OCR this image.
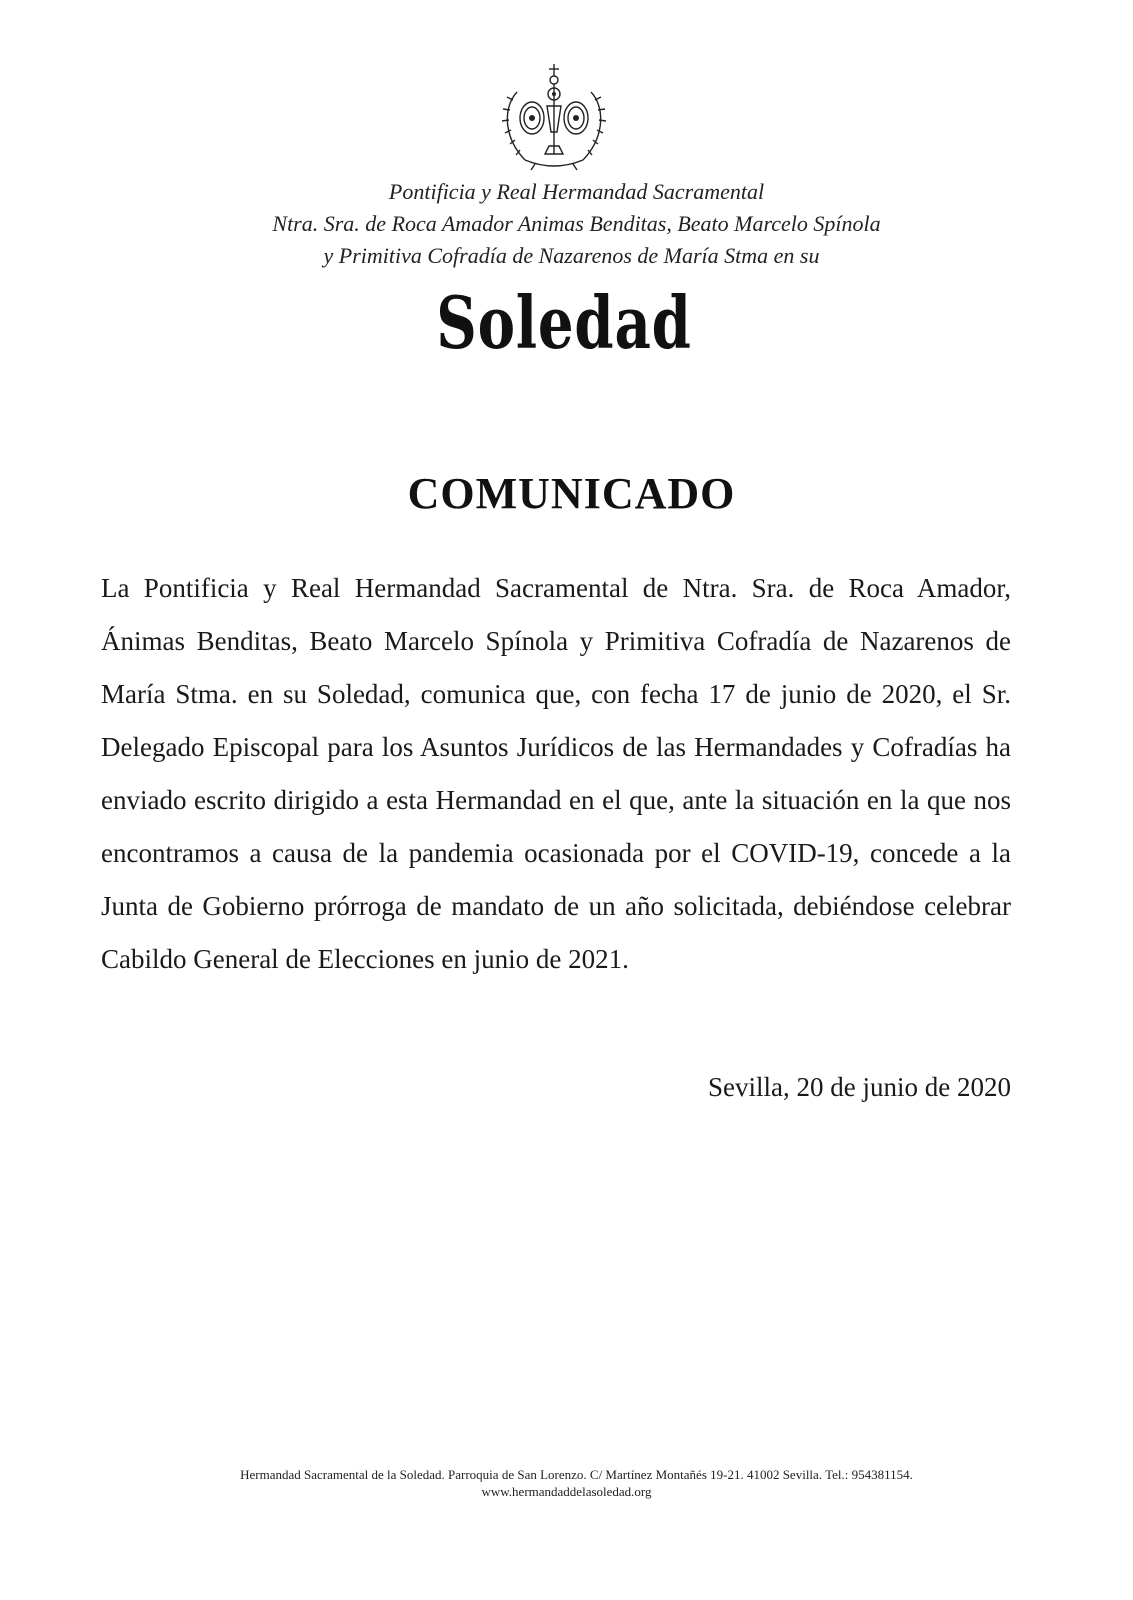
Pontificia y Real Hermandad Sacramental
Ntra. Sra. de Roca Amador Animas Benditas, Beato Marcelo Spínola
y Primitiva Cofradía de Nazarenos de María Stma en su
Soledad
COMUNICADO

La Pontificia y Real Hermandad Sacramental de Ntra. Sra. de Roca Amador, Ánimas Benditas, Beato Marcelo Spínola y Primitiva Cofradía de Nazarenos de María Stma. en su Soledad, comunica que, con fecha 17 de junio de 2020, el Sr. Delegado Episcopal para los Asuntos Jurídicos de las Hermandades y Cofradías ha enviado escrito dirigido a esta Hermandad en el que, ante la situación en la que nos encontramos a causa de la pandemia ocasionada por el COVID-19, concede a la Junta de Gobierno prórroga de mandato de un año solicitada, debiéndose celebrar Cabildo General de Elecciones en junio de 2021.

Sevilla, 20 de junio de 2020
Hermandad Sacramental de la Soledad. Parroquia de San Lorenzo. C/ Martínez Montañés 19-21. 41002 Sevilla. Tel.: 954381154.
www.hermandaddelasoledad.org
